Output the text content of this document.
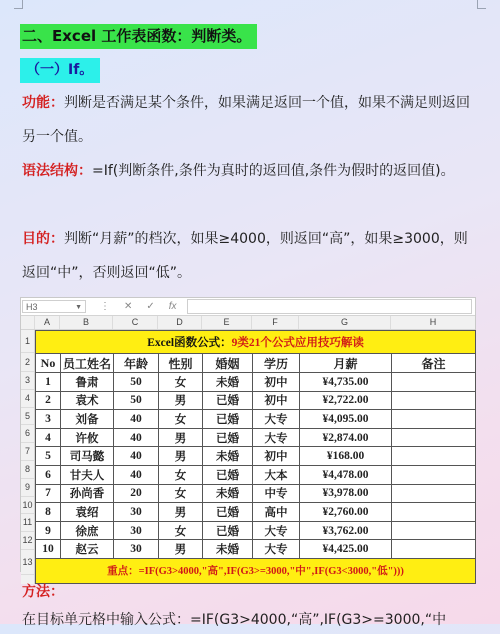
二、Excel 工作表函数：判断类。
（一）If。
功能：判断是否满足某个条件，如果满足返回一个值，如果不满足则返回另一个值。
语法结构：=If(判断条件,条件为真时的返回值,条件为假时的返回值)。
目的：判断“月薪”的档次，如果≥4000，则返回“高”，如果≥3000，则返回“中”，否则返回“低”。
H3	▼ ⋮ ✕ ✓ fx
A	B	C	D	E	F	G	H
1
2
3
4
5
6
7
8
9
10
11
12
13
Excel函数公式：9类21个公式应用技巧解读							
No	员工姓名	年龄	性别	婚姻	学历	月薪	备注
1	鲁肃	50	女	未婚	初中	¥4,735.00	
2	袁术	50	男	已婚	初中	¥2,722.00	
3	刘备	40	女	已婚	大专	¥4,095.00	
4	许攸	40	男	已婚	大专	¥2,874.00	
5	司马懿	40	男	未婚	初中	¥168.00	
6	甘夫人	40	女	已婚	大本	¥4,478.00	
7	孙尚香	20	女	未婚	中专	¥3,978.00	
8	袁绍	30	男	已婚	高中	¥2,760.00	
9	徐庶	30	女	已婚	大专	¥3,762.00	
10	赵云	30	男	未婚	大专	¥4,425.00	
重点：=IF(G3>4000,"高",IF(G3>=3000,"中",IF(G3<3000,"低")))							
方法：
在目标单元格中输入公式：=IF(G3>4000,“高”,IF(G3>=3000,“中
